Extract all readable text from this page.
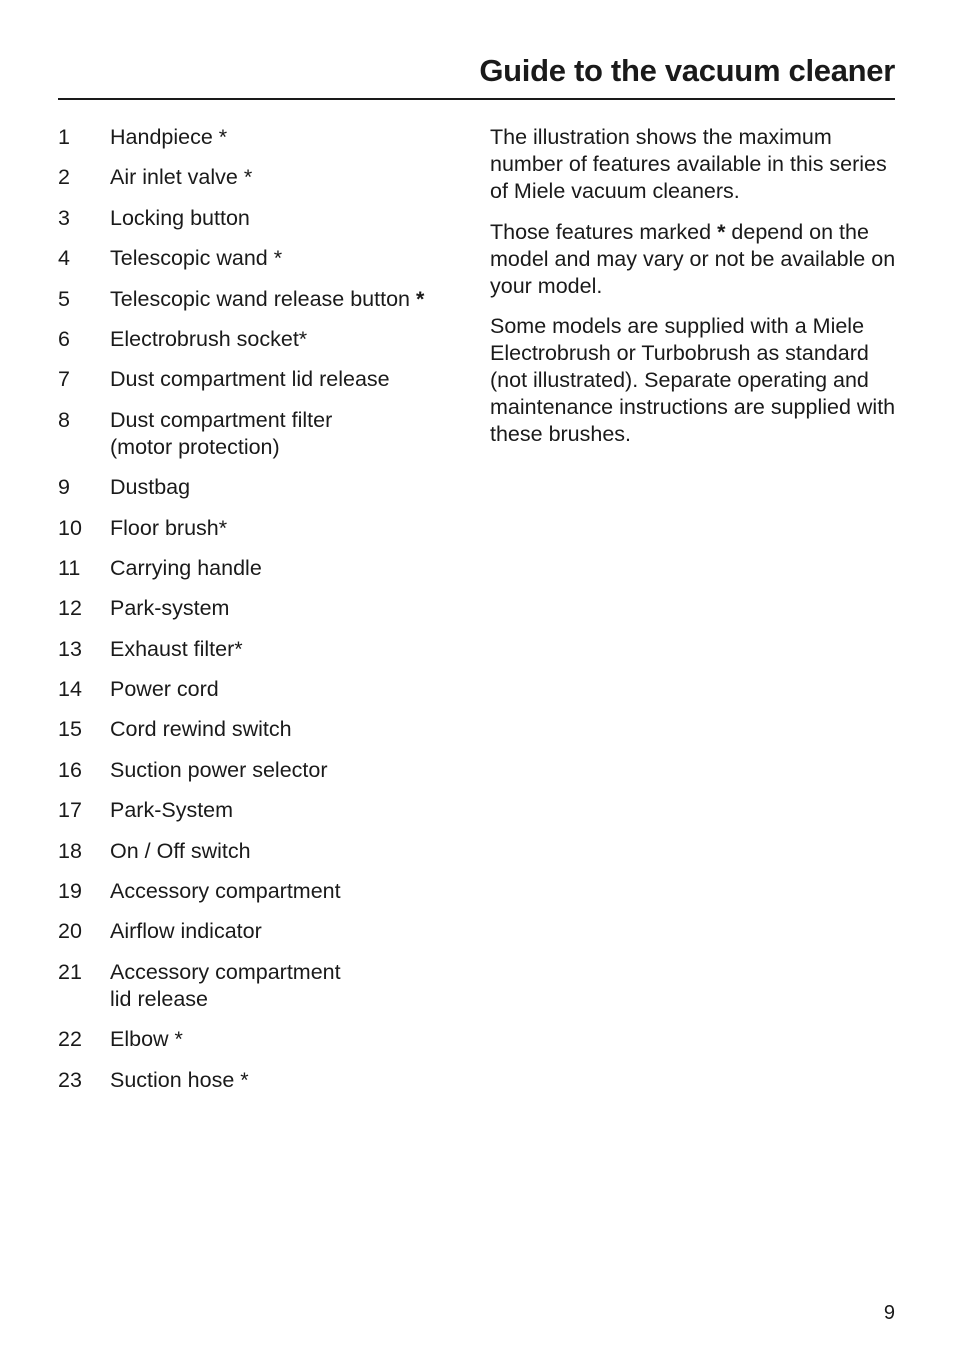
Guide to the vacuum cleaner
1	Handpiece *
2	Air inlet valve *
3	Locking button
4	Telescopic wand *
5	Telescopic wand release button *
6	Electrobrush socket*
7	Dust compartment lid release
8	Dust compartment filter
(motor protection)
9	Dustbag
10	Floor brush*
11	Carrying handle
12	Park-system
13	Exhaust filter*
14	Power cord
15	Cord rewind switch
16	Suction power selector
17	Park-System
18	On / Off switch
19	Accessory compartment
20	Airflow indicator
21	Accessory compartment
lid release
22	Elbow *
23	Suction hose *

The illustration shows the maximum number of features available in this series of Miele vacuum cleaners.

Those features marked * depend on the model and may vary or not be available on your model.

Some models are supplied with a Miele Electrobrush or Turbobrush as standard (not illustrated). Separate operating and maintenance instructions are supplied with these brushes.

9
